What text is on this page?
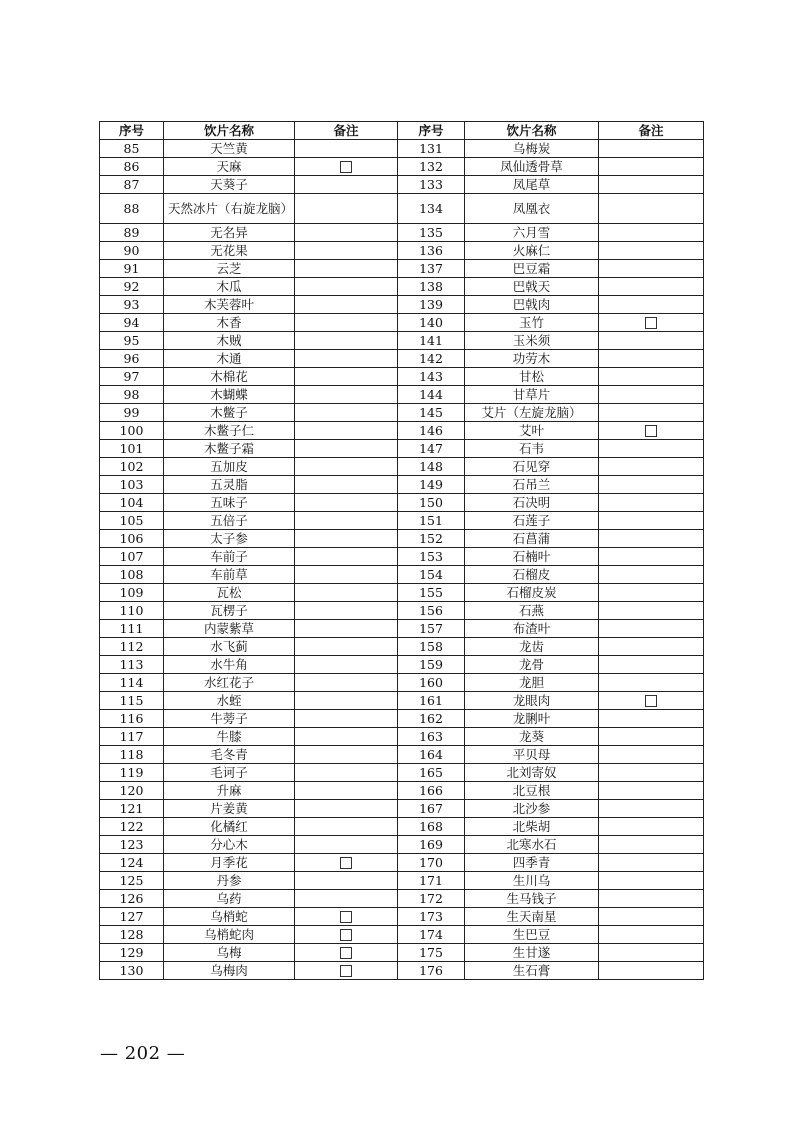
序号	饮片名称	备注	序号	饮片名称	备注
85	天竺黄		131	乌梅炭	
86	天麻		132	凤仙透骨草	
87	天葵子		133	凤尾草	
88	天然冰片（右旋龙脑）		134	凤凰衣	
89	无名异		135	六月雪	
90	无花果		136	火麻仁	
91	云芝		137	巴豆霜	
92	木瓜		138	巴戟天	
93	木芙蓉叶		139	巴戟肉	
94	木香		140	玉竹	
95	木贼		141	玉米须	
96	木通		142	功劳木	
97	木棉花		143	甘松	
98	木蝴蝶		144	甘草片	
99	木鳖子		145	艾片（左旋龙脑）	
100	木鳖子仁		146	艾叶	
101	木鳖子霜		147	石韦	
102	五加皮		148	石见穿	
103	五灵脂		149	石吊兰	
104	五味子		150	石决明	
105	五倍子		151	石莲子	
106	太子参		152	石菖蒲	
107	车前子		153	石楠叶	
108	车前草		154	石榴皮	
109	瓦松		155	石榴皮炭	
110	瓦楞子		156	石燕	
111	内蒙紫草		157	布渣叶	
112	水飞蓟		158	龙齿	
113	水牛角		159	龙骨	
114	水红花子		160	龙胆	
115	水蛭		161	龙眼肉	
116	牛蒡子		162	龙脷叶	
117	牛膝		163	龙葵	
118	毛冬青		164	平贝母	
119	毛诃子		165	北刘寄奴	
120	升麻		166	北豆根	
121	片姜黄		167	北沙参	
122	化橘红		168	北柴胡	
123	分心木		169	北寒水石	
124	月季花		170	四季青	
125	丹参		171	生川乌	
126	乌药		172	生马钱子	
127	乌梢蛇		173	生天南星	
128	乌梢蛇肉		174	生巴豆	
129	乌梅		175	生甘遂	
130	乌梅肉		176	生石膏	
— 202 —
